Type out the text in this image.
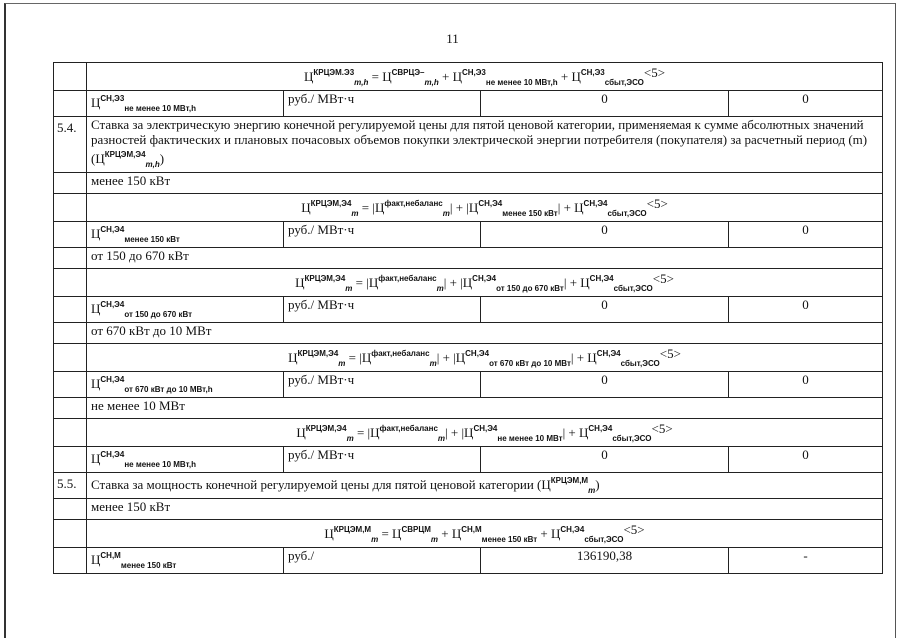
11
	$Ц^{КРЦЭМ.Э3}_{m,h} = Ц^{СВРЦЭ-}_{m,h} + Ц^{СН,Э3}_{не менее 10 МВт,h} + Ц^{СН,Э3}_{сбыт,ЭСО}<5>$			
	$Ц^{СН,Э3}_{не менее 10 МВт,h}$	руб./ МВт·ч	0	0
5.4.	Ставка за электрическую энергию конечной регулируемой цены для пятой ценовой категории, применяемая к сумме абсолютных значений разностей фактических и плановых почасовых объемов покупки электрической энергии потребителя (покупателя) за расчетный период (m) $(Ц^{КРЦЭМ,Э4}_{m,h})$			
	менее 150 кВт			
	$Ц^{КРЦЭМ,Э4}_m = |Ц^{факт,небаланс}_m| + |Ц^{СН,Э4}_{менее 150 кВт}| + Ц^{СН,Э4}_{сбыт,ЭСО}<5>$			
	$Ц^{СН,Э4}_{менее 150 кВт}$	руб./ МВт·ч	0	0
	от 150 до 670 кВт			
	$Ц^{КРЦЭМ,Э4}_m = |Ц^{факт,небаланс}_m| + |Ц^{СН,Э4}_{от 150 до 670 кВт}| + Ц^{СН,Э4}_{сбыт,ЭСО}<5>$			
	$Ц^{СН,Э4}_{от 150 до 670 кВт}$	руб./ МВт·ч	0	0
	от 670 кВт до 10 МВт			
	$Ц^{КРЦЭМ,Э4}_m = |Ц^{факт,небаланс}_m| + |Ц^{СН,Э4}_{от 670 кВт до 10 МВт}| + Ц^{СН,Э4}_{сбыт,ЭСО}<5>$			
	$Ц^{СН,Э4}_{от 670 кВт до 10 МВт,h}$	руб./ МВт·ч	0	0
	не менее 10 МВт			
	$Ц^{КРЦЭМ,Э4}_m = |Ц^{факт,небаланс}_m| + |Ц^{СН,Э4}_{не менее 10 МВт}| + Ц^{СН,Э4}_{сбыт,ЭСО}<5>$			
	$Ц^{СН,Э4}_{не менее 10 МВт,h}$	руб./ МВт·ч	0	0
5.5.	Ставка за мощность конечной регулируемой цены для пятой ценовой категории $(Ц^{КРЦЭМ,М}_m)$			
	менее 150 кВт			
	$Ц^{КРЦЭМ,М}_m = Ц^{СВРЦМ}_m + Ц^{СН,М}_{менее 150 кВт} + Ц^{СН,Э4}_{сбыт,ЭСО}<5>$			
	$Ц^{СН,М}_{менее 150 кВт}$	руб./	136190,38	-
